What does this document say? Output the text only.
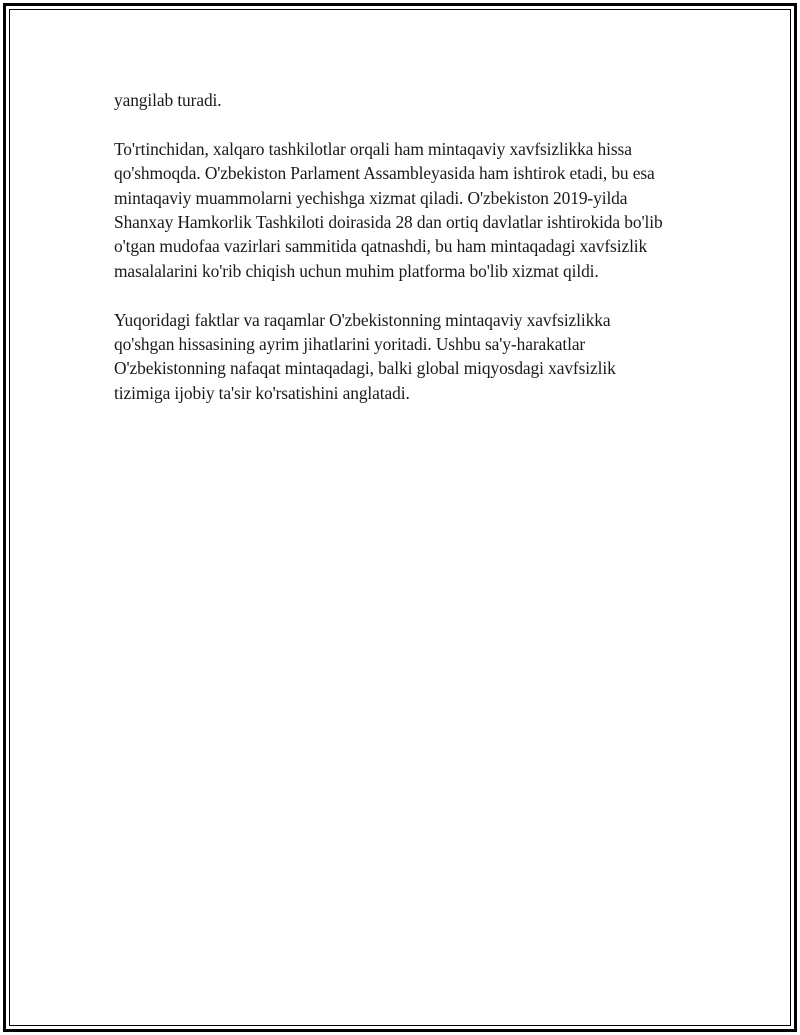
yangilab turadi.

To'rtinchidan, xalqaro tashkilotlar orqali ham mintaqaviy xavfsizlikka hissa qo'shmoqda. O'zbekiston Parlament Assambleyasida ham ishtirok etadi, bu esa mintaqaviy muammolarni yechishga xizmat qiladi. O'zbekiston 2019-yilda Shanxay Hamkorlik Tashkiloti doirasida 28 dan ortiq davlatlar ishtirokida bo'lib o'tgan mudofaa vazirlari sammitida qatnashdi, bu ham mintaqadagi xavfsizlik masalalarini ko'rib chiqish uchun muhim platforma bo'lib xizmat qildi.

Yuqoridagi faktlar va raqamlar O'zbekistonning mintaqaviy xavfsizlikka qo'shgan hissasining ayrim jihatlarini yoritadi. Ushbu sa'y-harakatlar O'zbekistonning nafaqat mintaqadagi, balki global miqyosdagi xavfsizlik tizimiga ijobiy ta'sir ko'rsatishini anglatadi.
